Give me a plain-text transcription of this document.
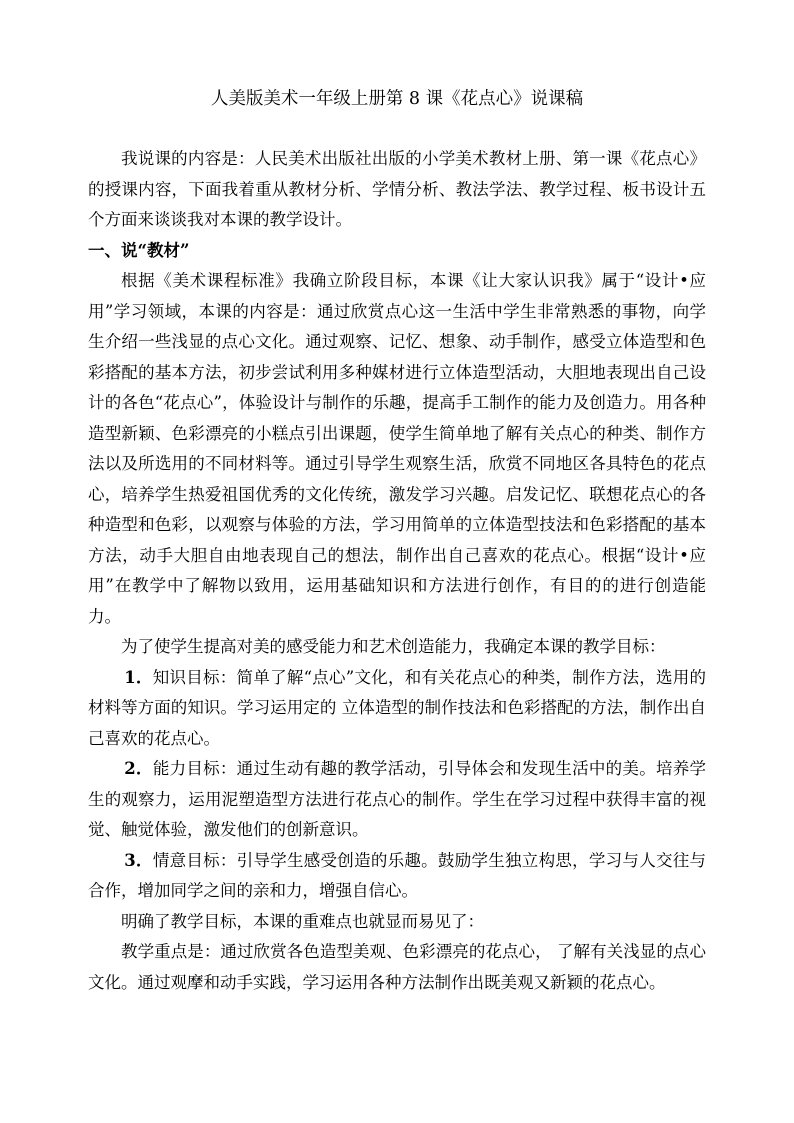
人美版美术一年级上册第 8 课《花点心》说课稿

我说课的内容是：人民美术出版社出版的小学美术教材上册、第一课《花点心》的授课内容，下面我着重从教材分析、学情分析、教法学法、教学过程、板书设计五个方面来谈谈我对本课的教学设计。

一、说“教材”

根据《美术课程标准》我确立阶段目标，本课《让大家认识我》属于“设计•应用”学习领域，本课的内容是：通过欣赏点心这一生活中学生非常熟悉的事物，向学生介绍一些浅显的点心文化。通过观察、记忆、想象、动手制作，感受立体造型和色彩搭配的基本方法，初步尝试利用多种媒材进行立体造型活动，大胆地表现出自己设计的各色“花点心”，体验设计与制作的乐趣，提高手工制作的能力及创造力。用各种造型新颖、色彩漂亮的小糕点引出课题，使学生简单地了解有关点心的种类、制作方法以及所选用的不同材料等。通过引导学生观察生活，欣赏不同地区各具特色的花点心，培养学生热爱祖国优秀的文化传统，激发学习兴趣。启发记忆、联想花点心的各种造型和色彩，以观察与体验的方法，学习用简单的立体造型技法和色彩搭配的基本方法，动手大胆自由地表现自己的想法，制作出自己喜欢的花点心。根据“设计•应用”在教学中了解物以致用，运用基础知识和方法进行创作，有目的的进行创造能力。

为了使学生提高对美的感受能力和艺术创造能力，我确定本课的教学目标：

1．知识目标：简单了解“点心”文化，和有关花点心的种类，制作方法，选用的材料等方面的知识。学习运用定的 立体造型的制作技法和色彩搭配的方法，制作出自己喜欢的花点心。

2．能力目标：通过生动有趣的教学活动，引导体会和发现生活中的美。培养学生的观察力，运用泥塑造型方法进行花点心的制作。学生在学习过程中获得丰富的视觉、触觉体验，激发他们的创新意识。

3．情意目标：引导学生感受创造的乐趣。鼓励学生独立构思，学习与人交往与合作，增加同学之间的亲和力，增强自信心。

明确了教学目标，本课的重难点也就显而易见了：

教学重点是：通过欣赏各色造型美观、色彩漂亮的花点心， 了解有关浅显的点心文化。通过观摩和动手实践，学习运用各种方法制作出既美观又新颖的花点心。
